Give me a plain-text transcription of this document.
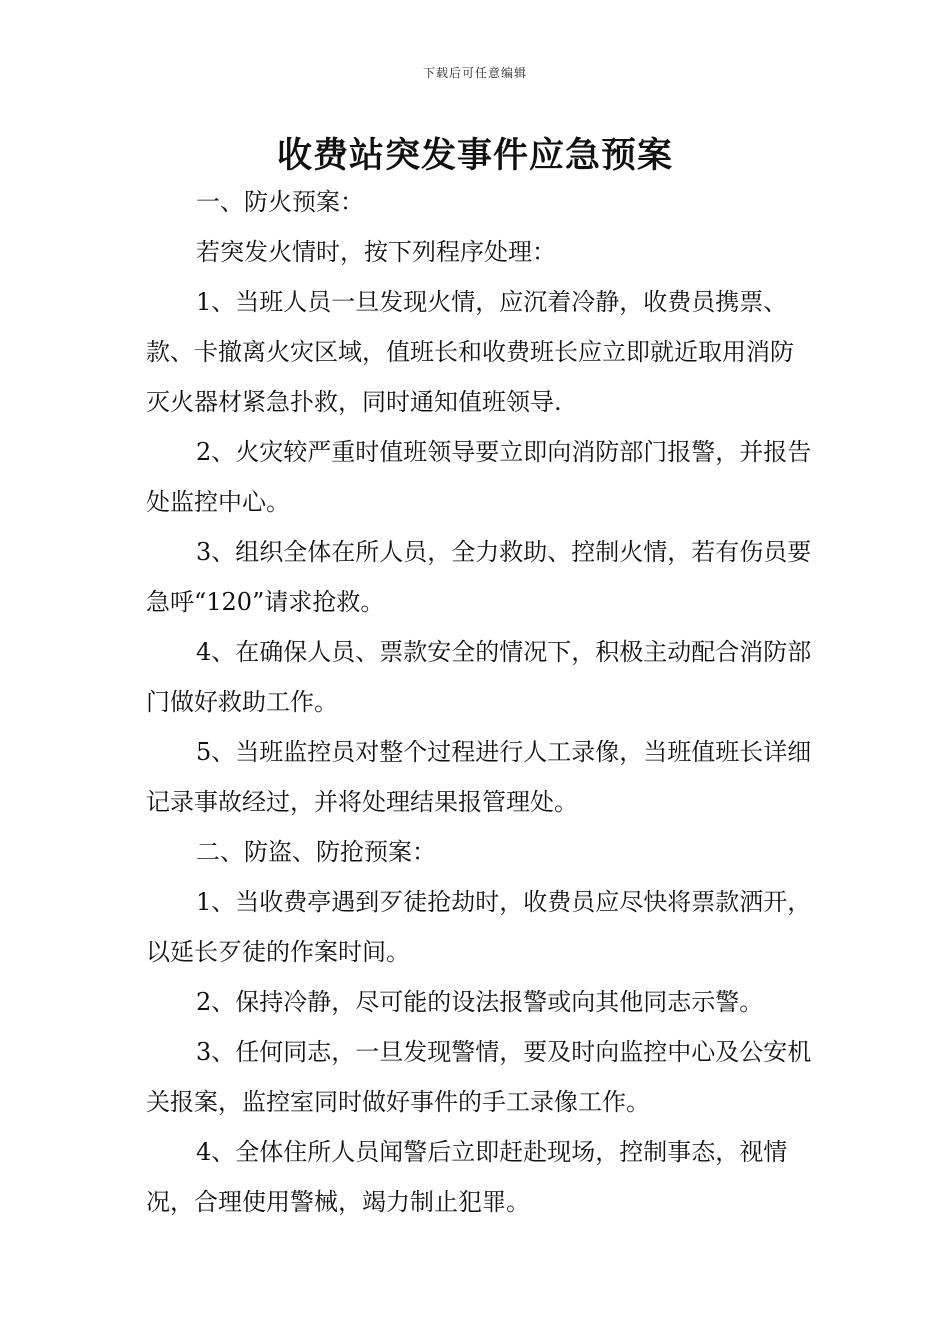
下载后可任意编辑
收费站突发事件应急预案

一、防火预案：

若突发火情时，按下列程序处理：

1、当班人员一旦发现火情，应沉着冷静，收费员携票、款、卡撤离火灾区域，值班长和收费班长应立即就近取用消防灭火器材紧急扑救，同时通知值班领导.

2、火灾较严重时值班领导要立即向消防部门报警，并报告处监控中心。

3、组织全体在所人员，全力救助、控制火情，若有伤员要急呼“120”请求抢救。

4、在确保人员、票款安全的情况下，积极主动配合消防部门做好救助工作。

5、当班监控员对整个过程进行人工录像，当班值班长详细记录事故经过，并将处理结果报管理处。

二、防盗、防抢预案：

1、当收费亭遇到歹徒抢劫时，收费员应尽快将票款洒开，以延长歹徒的作案时间。

2、保持冷静，尽可能的设法报警或向其他同志示警。

3、任何同志，一旦发现警情，要及时向监控中心及公安机关报案，监控室同时做好事件的手工录像工作。

4、全体住所人员闻警后立即赶赴现场，控制事态，视情况，合理使用警械，竭力制止犯罪。
